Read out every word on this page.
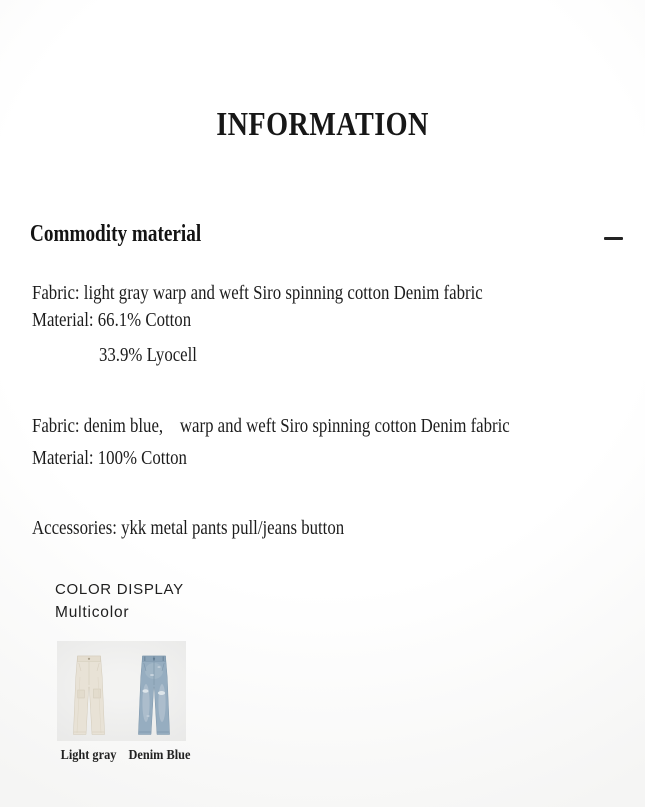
INFORMATION
Commodity material

Fabric: light gray warp and weft Siro spinning cotton Denim fabric

Material: 66.1% Cotton

33.9% Lyocell

Fabric: denim blue, warp and weft Siro spinning cotton Denim fabric

Material: 100% Cotton

Accessories: ykk metal pants pull/jeans button

COLOR DISPLAY
Multicolor
Light gray Denim Blue
